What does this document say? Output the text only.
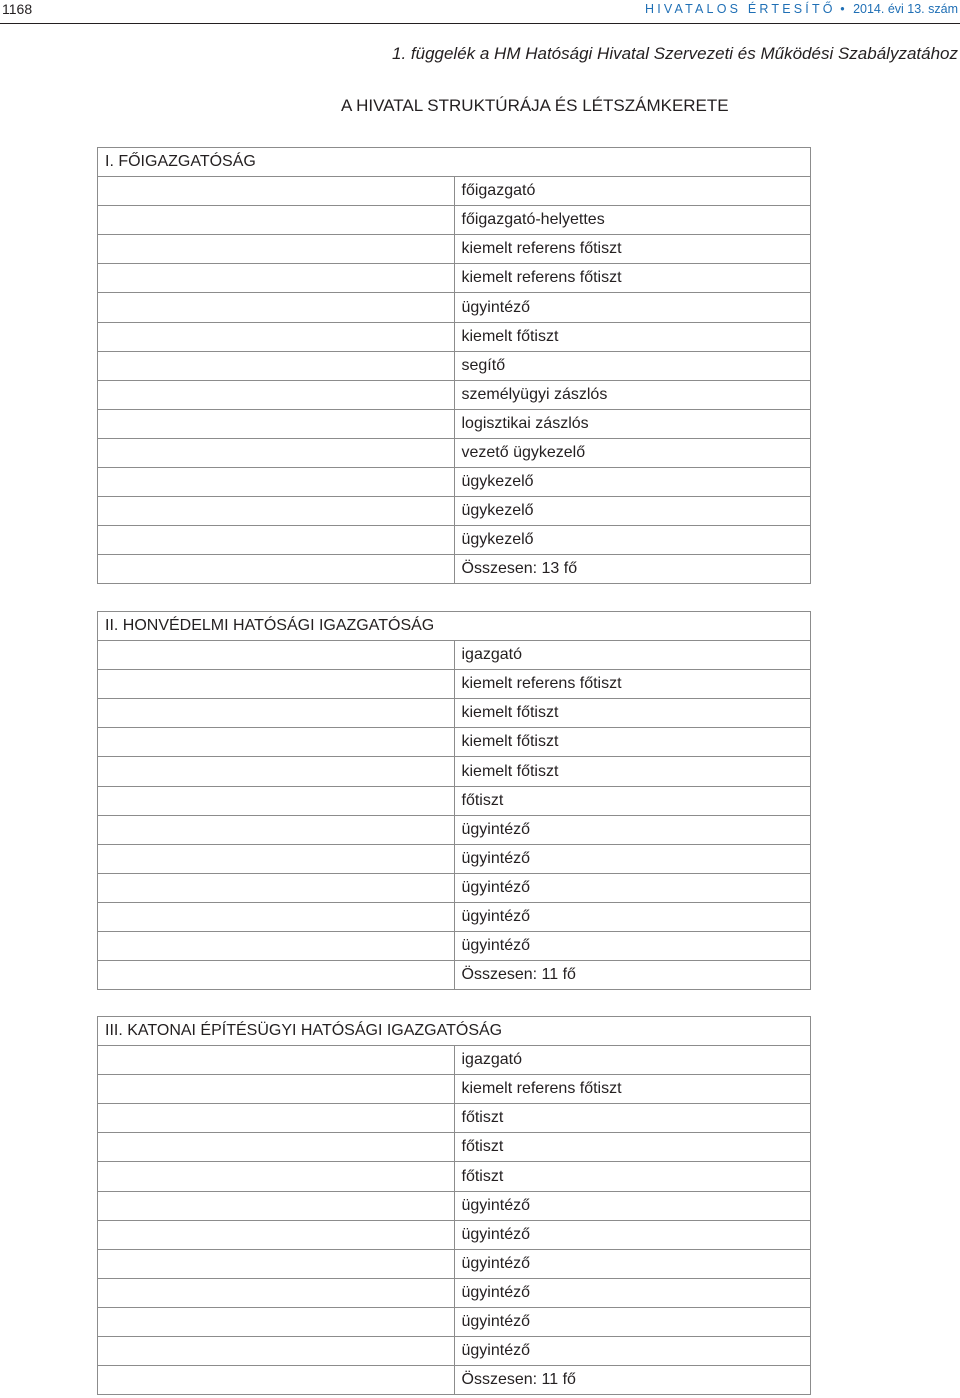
1168	HIVATALOS ÉRTESÍTŐ • 2014. évi 13. szám
1. függelék a HM Hatósági Hivatal Szervezeti és Működési Szabályzatához
A HIVATAL STRUKTÚRÁJA ÉS LÉTSZÁMKERETE
I. FŐIGAZGATÓSÁG	
	főigazgató
	főigazgató-helyettes
	kiemelt referens főtiszt
	kiemelt referens főtiszt
	ügyintéző
	kiemelt főtiszt
	segítő
	személyügyi zászlós
	logisztikai zászlós
	vezető ügykezelő
	ügykezelő
	ügykezelő
	ügykezelő
	Összesen: 13 fő
II. HONVÉDELMI HATÓSÁGI IGAZGATÓSÁG	
	igazgató
	kiemelt referens főtiszt
	kiemelt főtiszt
	kiemelt főtiszt
	kiemelt főtiszt
	főtiszt
	ügyintéző
	ügyintéző
	ügyintéző
	ügyintéző
	ügyintéző
	Összesen: 11 fő
III. KATONAI ÉPÍTÉSÜGYI HATÓSÁGI IGAZGATÓSÁG	
	igazgató
	kiemelt referens főtiszt
	főtiszt
	főtiszt
	főtiszt
	ügyintéző
	ügyintéző
	ügyintéző
	ügyintéző
	ügyintéző
	ügyintéző
	Összesen: 11 fő
